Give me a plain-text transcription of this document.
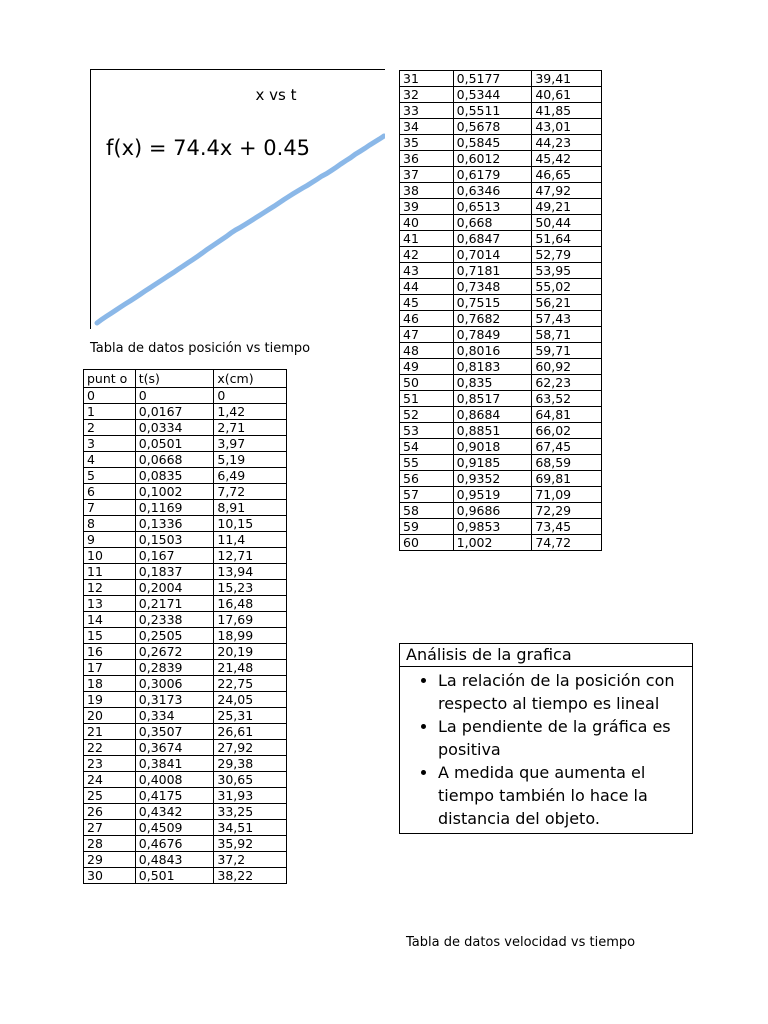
x vs t
f(x) = 74.4x + 0.45
Tabla de datos posición vs tiempo
punt o	t(s)	x(cm)
0	0	0
1	0,0167	1,42
2	0,0334	2,71
3	0,0501	3,97
4	0,0668	5,19
5	0,0835	6,49
6	0,1002	7,72
7	0,1169	8,91
8	0,1336	10,15
9	0,1503	11,4
10	0,167	12,71
11	0,1837	13,94
12	0,2004	15,23
13	0,2171	16,48
14	0,2338	17,69
15	0,2505	18,99
16	0,2672	20,19
17	0,2839	21,48
18	0,3006	22,75
19	0,3173	24,05
20	0,334	25,31
21	0,3507	26,61
22	0,3674	27,92
23	0,3841	29,38
24	0,4008	30,65
25	0,4175	31,93
26	0,4342	33,25
27	0,4509	34,51
28	0,4676	35,92
29	0,4843	37,2
30	0,501	38,22
31	0,5177	39,41
32	0,5344	40,61
33	0,5511	41,85
34	0,5678	43,01
35	0,5845	44,23
36	0,6012	45,42
37	0,6179	46,65
38	0,6346	47,92
39	0,6513	49,21
40	0,668	50,44
41	0,6847	51,64
42	0,7014	52,79
43	0,7181	53,95
44	0,7348	55,02
45	0,7515	56,21
46	0,7682	57,43
47	0,7849	58,71
48	0,8016	59,71
49	0,8183	60,92
50	0,835	62,23
51	0,8517	63,52
52	0,8684	64,81
53	0,8851	66,02
54	0,9018	67,45
55	0,9185	68,59
56	0,9352	69,81
57	0,9519	71,09
58	0,9686	72,29
59	0,9853	73,45
60	1,002	74,72
Análisis de la grafica
• La relación de la posición con respecto al tiempo es lineal
• La pendiente de la gráfica es positiva
• A medida que aumenta el tiempo también lo hace la distancia del objeto.
Tabla de datos velocidad vs tiempo
